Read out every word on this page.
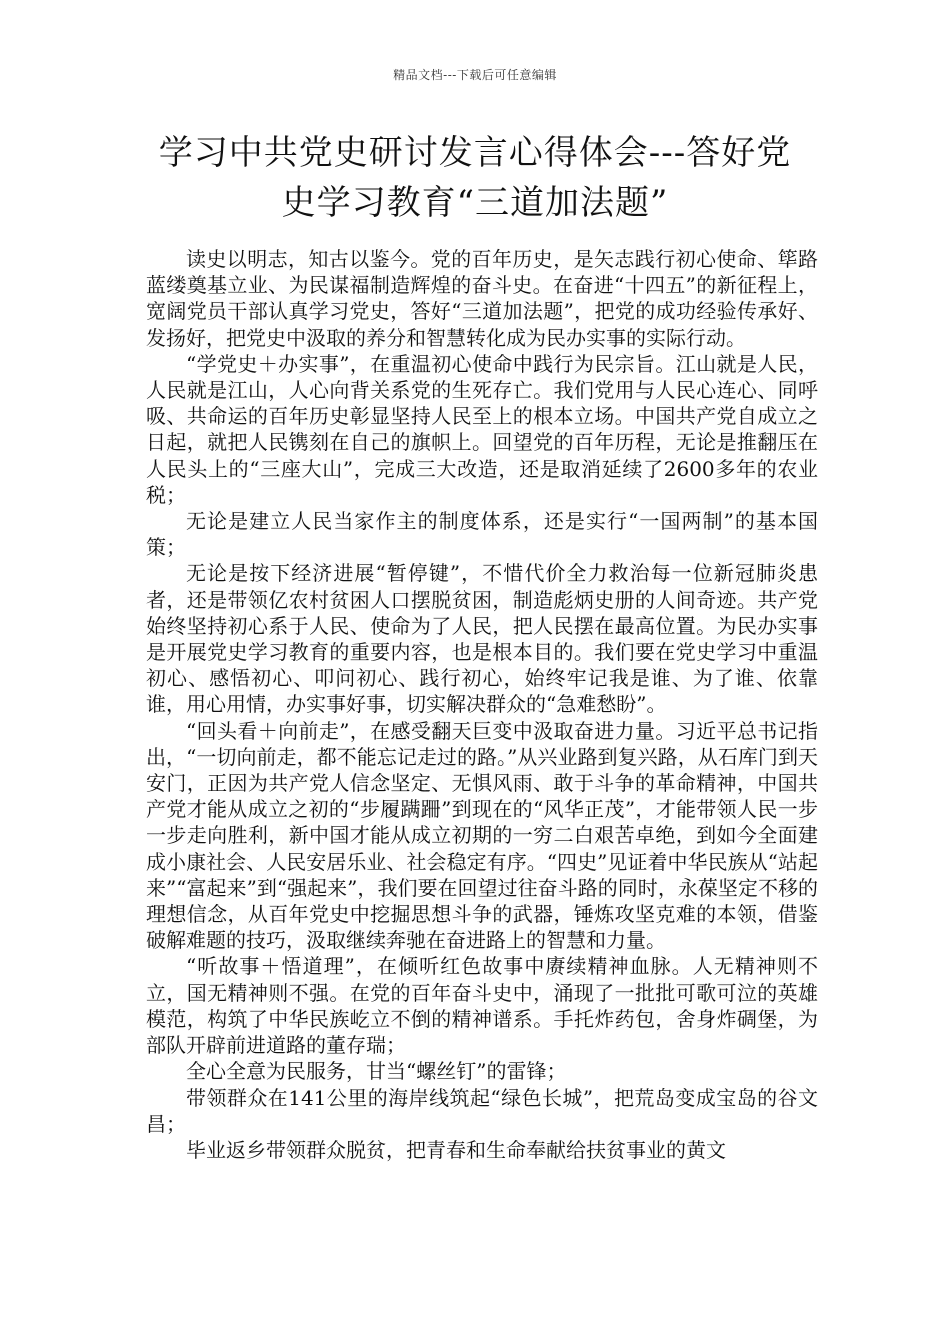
精品文档---下载后可任意编辑
学习中共党史研讨发言心得体会---答好党
史学习教育“三道加法题”

读史以明志，知古以鉴今。党的百年历史，是矢志践行初心使命、筚路蓝缕奠基立业、为民谋福制造辉煌的奋斗史。在奋进“十四五”的新征程上，宽阔党员干部认真学习党史，答好“三道加法题”，把党的成功经验传承好、发扬好，把党史中汲取的养分和智慧转化成为民办实事的实际行动。

“学党史＋办实事”，在重温初心使命中践行为民宗旨。江山就是人民，人民就是江山，人心向背关系党的生死存亡。我们党用与人民心连心、同呼吸、共命运的百年历史彰显坚持人民至上的根本立场。中国共产党自成立之日起，就把人民镌刻在自己的旗帜上。回望党的百年历程，无论是推翻压在人民头上的“三座大山”，完成三大改造，还是取消延续了2600多年的农业税；

无论是建立人民当家作主的制度体系，还是实行“一国两制”的基本国策；

无论是按下经济进展“暂停键”，不惜代价全力救治每一位新冠肺炎患者，还是带领亿农村贫困人口摆脱贫困，制造彪炳史册的人间奇迹。共产党始终坚持初心系于人民、使命为了人民，把人民摆在最高位置。为民办实事是开展党史学习教育的重要内容，也是根本目的。我们要在党史学习中重温初心、感悟初心、叩问初心、践行初心，始终牢记我是谁、为了谁、依靠谁，用心用情，办实事好事，切实解决群众的“急难愁盼”。

“回头看＋向前走”，在感受翻天巨变中汲取奋进力量。习近平总书记指出，“一切向前走，都不能忘记走过的路。”从兴业路到复兴路，从石库门到天安门，正因为共产党人信念坚定、无惧风雨、敢于斗争的革命精神，中国共产党才能从成立之初的“步履蹒跚”到现在的“风华正茂”，才能带领人民一步一步走向胜利，新中国才能从成立初期的一穷二白艰苦卓绝，到如今全面建成小康社会、人民安居乐业、社会稳定有序。“四史”见证着中华民族从“站起来”“富起来”到“强起来”，我们要在回望过往奋斗路的同时，永葆坚定不移的理想信念，从百年党史中挖掘思想斗争的武器，锤炼攻坚克难的本领，借鉴破解难题的技巧，汲取继续奔驰在奋进路上的智慧和力量。

“听故事＋悟道理”，在倾听红色故事中赓续精神血脉。人无精神则不立，国无精神则不强。在党的百年奋斗史中，涌现了一批批可歌可泣的英雄模范，构筑了中华民族屹立不倒的精神谱系。手托炸药包，舍身炸碉堡，为部队开辟前进道路的董存瑞；

全心全意为民服务，甘当“螺丝钉”的雷锋；

带领群众在141公里的海岸线筑起“绿色长城”，把荒岛变成宝岛的谷文昌；

毕业返乡带领群众脱贫，把青春和生命奉献给扶贫事业的黄文
